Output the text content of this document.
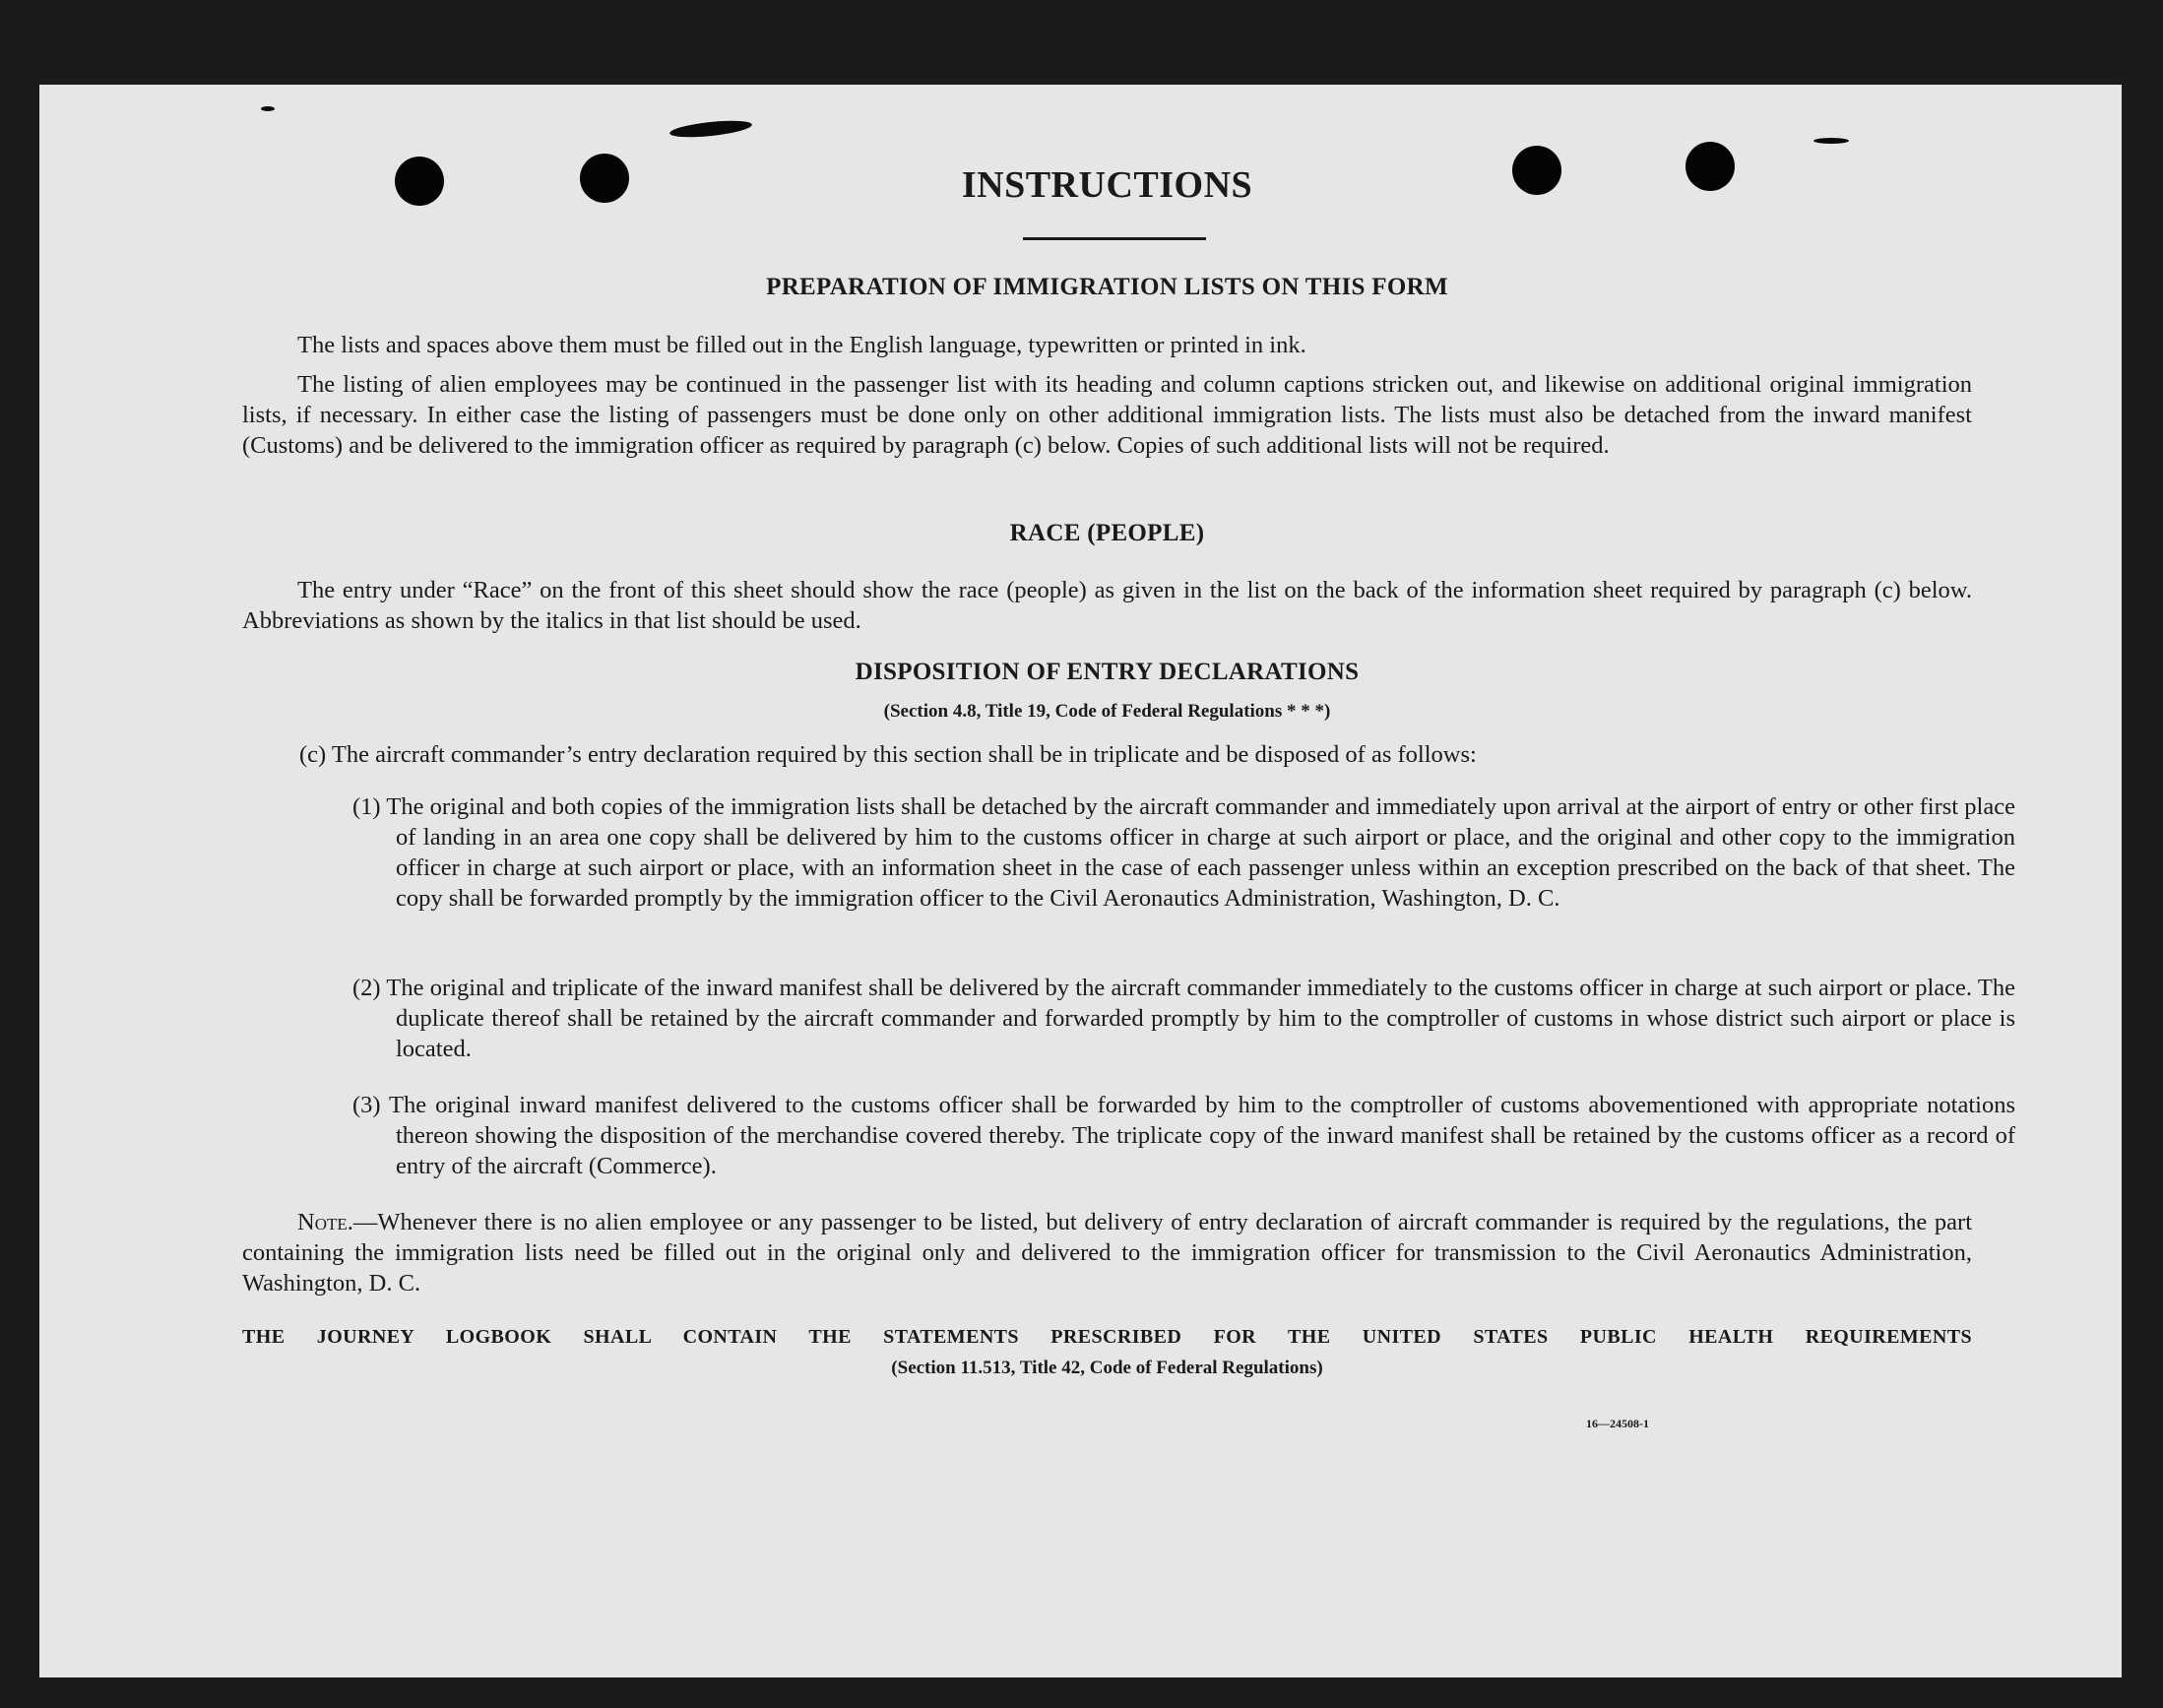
INSTRUCTIONS
PREPARATION OF IMMIGRATION LISTS ON THIS FORM

The lists and spaces above them must be filled out in the English language, typewritten or printed in ink.

The listing of alien employees may be continued in the passenger list with its heading and column captions stricken out, and likewise on additional original immigration lists, if necessary. In either case the listing of passengers must be done only on other additional immigration lists. The lists must also be detached from the inward manifest (Customs) and be delivered to the immigration officer as required by paragraph (c) below. Copies of such additional lists will not be required.

RACE (PEOPLE)

The entry under “Race” on the front of this sheet should show the race (people) as given in the list on the back of the information sheet required by paragraph (c) below. Abbreviations as shown by the italics in that list should be used.

DISPOSITION OF ENTRY DECLARATIONS
(Section 4.8, Title 19, Code of Federal Regulations * * *)

(c) The aircraft commander’s entry declaration required by this section shall be in triplicate and be disposed of as follows:

(1) The original and both copies of the immigration lists shall be detached by the aircraft commander and immediately upon arrival at the airport of entry or other first place of landing in an area one copy shall be delivered by him to the customs officer in charge at such airport or place, and the original and other copy to the immigration officer in charge at such airport or place, with an information sheet in the case of each passenger unless within an exception prescribed on the back of that sheet. The copy shall be forwarded promptly by the immigration officer to the Civil Aeronautics Administration, Washington, D. C.

(2) The original and triplicate of the inward manifest shall be delivered by the aircraft commander immediately to the customs officer in charge at such airport or place. The duplicate thereof shall be retained by the aircraft commander and forwarded promptly by him to the comptroller of customs in whose district such airport or place is located.

(3) The original inward manifest delivered to the customs officer shall be forwarded by him to the comptroller of customs abovementioned with appropriate notations thereon showing the disposition of the merchandise covered thereby. The triplicate copy of the inward manifest shall be retained by the customs officer as a record of entry of the aircraft (Commerce).

Note.—Whenever there is no alien employee or any passenger to be listed, but delivery of entry declaration of aircraft commander is required by the regulations, the part containing the immigration lists need be filled out in the original only and delivered to the immigration officer for transmission to the Civil Aeronautics Administration, Washington, D. C.

THE JOURNEY LOGBOOK SHALL CONTAIN THE STATEMENTS PRESCRIBED FOR THE UNITED STATES PUBLIC HEALTH REQUIREMENTS
(Section 11.513, Title 42, Code of Federal Regulations)
16—24508-1
